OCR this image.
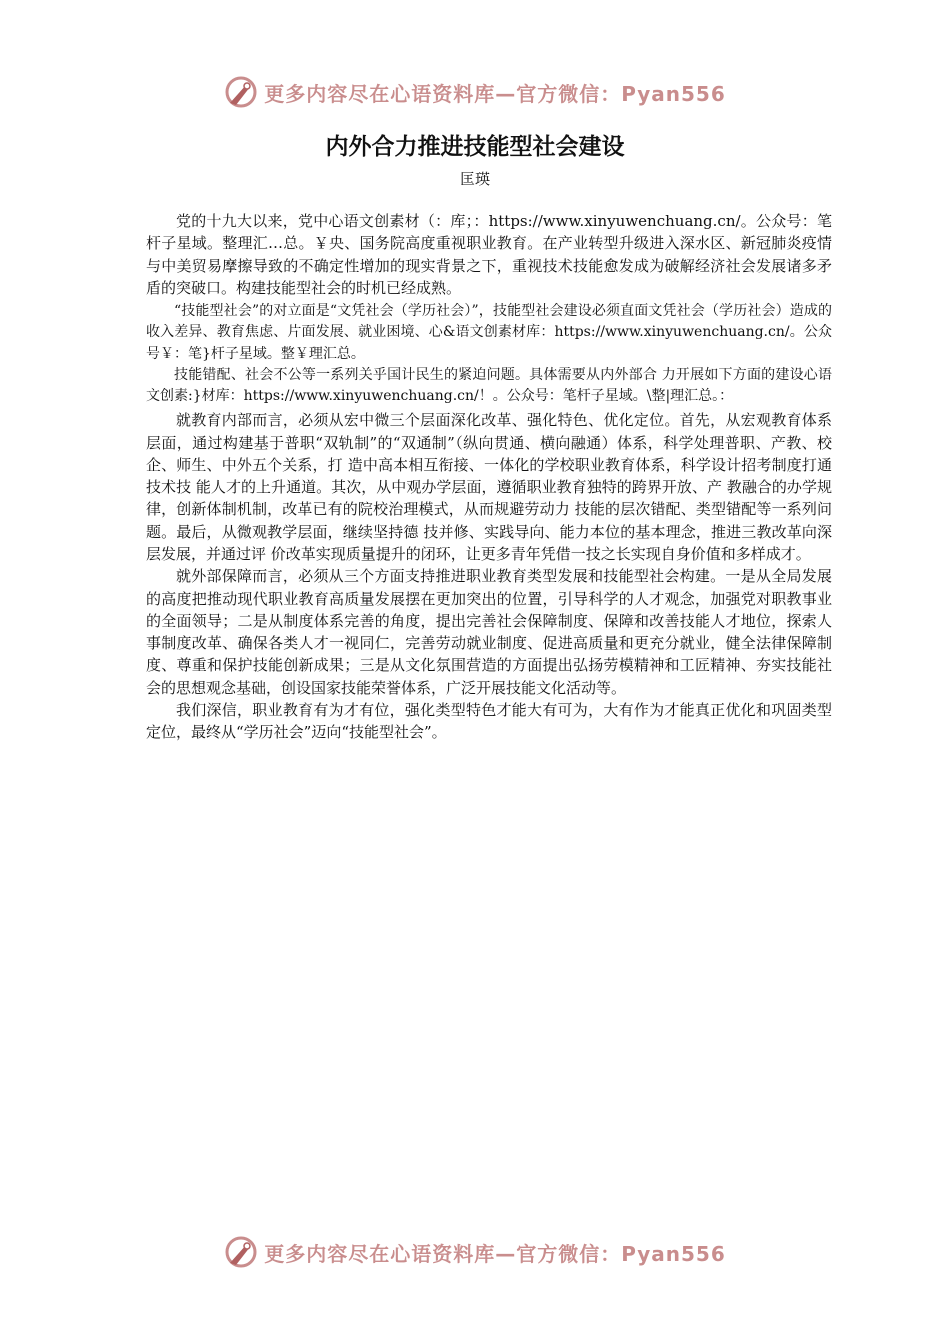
更多内容尽在心语资料库—官方微信：Pyan556
内外合力推进技能型社会建设
匡瑛

党的十九大以来，党中心语文创素材（：库；：https://www.xinyuwenchuang.cn/。公众号：笔杆子星域。整理汇…总。￥央、国务院高度重视职业教育。在产业转型升级进入深水区、新冠肺炎疫情与中美贸易摩擦导致的不确定性增加的现实背景之下，重视技术技能愈发成为破解经济社会发展诸多矛盾的突破口。构建技能型社会的时机已经成熟。

“技能型社会”的对立面是“文凭社会（学历社会）”，技能型社会建设必须直面文凭社会（学历社会）造成的收入差异、教育焦虑、片面发展、就业困境、心&语文创素材库：https://www.xinyuwenchuang.cn/。公众号￥：笔}杆子星域。整￥理汇总。

技能错配、社会不公等一系列关乎国计民生的紧迫问题。具体需要从内外部合 力开展如下方面的建设心语文创素:}材库：https://www.xinyuwenchuang.cn/！。公众号：笔杆子星域。\整|理汇总。：

就教育内部而言，必须从宏中微三个层面深化改革、强化特色、优化定位。首先，从宏观教育体系层面，通过构建基于普职“双轨制”的“双通制”（纵向贯通、横向融通）体系，科学处理普职、产教、校企、师生、中外五个关系，打 造中高本相互衔接、一体化的学校职业教育体系，科学设计招考制度打通技术技 能人才的上升通道。其次，从中观办学层面，遵循职业教育独特的跨界开放、产 教融合的办学规律，创新体制机制，改革已有的院校治理模式，从而规避劳动力 技能的层次错配、类型错配等一系列问题。最后，从微观教学层面，继续坚持德 技并修、实践导向、能力本位的基本理念，推进三教改革向深层发展，并通过评 价改革实现质量提升的闭环，让更多青年凭借一技之长实现自身价值和多样成才。

就外部保障而言，必须从三个方面支持推进职业教育类型发展和技能型社会构建。一是从全局发展的高度把推动现代职业教育高质量发展摆在更加突出的位置，引导科学的人才观念，加强党对职教事业的全面领导；二是从制度体系完善的角度，提出完善社会保障制度、保障和改善技能人才地位，探索人事制度改革、确保各类人才一视同仁，完善劳动就业制度、促进高质量和更充分就业，健全法律保障制度、尊重和保护技能创新成果；三是从文化氛围营造的方面提出弘扬劳模精神和工匠精神、夯实技能社会的思想观念基础，创设国家技能荣誉体系，广泛开展技能文化活动等。

我们深信，职业教育有为才有位，强化类型特色才能大有可为，大有作为才能真正优化和巩固类型定位，最终从“学历社会”迈向“技能型社会”。

更多内容尽在心语资料库—官方微信：Pyan556
